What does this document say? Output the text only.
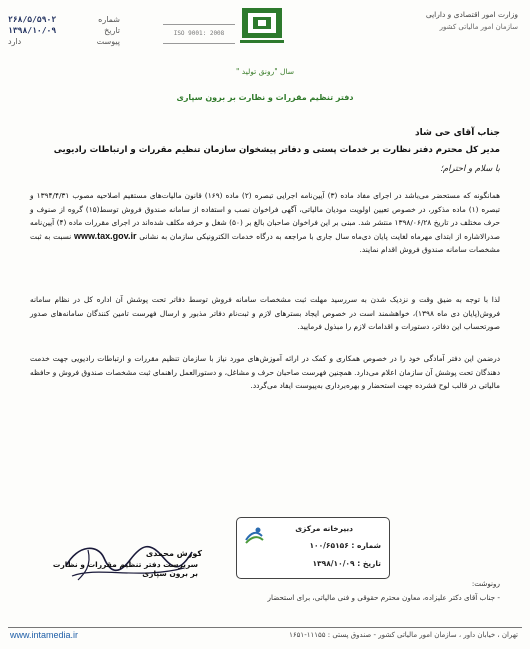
وزارت امور اقتصادی و دارایی
سازمان امور مالیاتی کشور
ISO 9001: 2008
۲۶۸/۵/۵۹۰۲	شماره
۱۳۹۸/۱۰/۰۹	تاریخ
دارد	پیوست
سال "رونق تولید "
دفتر تنظیم مقررات و نظارت بر برون سپاری
جناب آقای حی شاد
مدیر کل محترم دفتر نظارت بر خدمات پستی و دفاتر پیشخوان سازمان تنظیم مقررات و ارتباطات رادیویی
با سلام و احترام؛
همانگونه که مستحضر می‌باشد در اجرای مفاد ماده (۳) آیین‌نامه اجرایی تبصره (۲) ماده (۱۶۹) قانون مالیات‌های مستقیم اصلاحیه مصوب ۱۳۹۴/۴/۳۱ و تبصره (۱) ماده مذکور، در خصوص تعیین اولویت مودیان مالیاتی، آگهی فراخوان نصب و استفاده از سامانه صندوق فروش توسط(۱۵) گروه از صنوف و حرف مختلف در تاریخ ۱۳۹۸/۰۶/۲۸ منتشر شد. مبنی بر این فراخوان صاحبان بالغ بر (۵۰) شغل و حرفه مکلف شده‌اند در اجرای مقررات ماده (۴) آیین‌نامه صدرالاشاره از ابتدای مهرماه لغایت پایان دی‌ماه سال جاری با مراجعه به درگاه خدمات الکترونیکی سازمان به نشانی www.tax.gov.ir نسبت به ثبت مشخصات سامانه صندوق فروش اقدام نمایند.
لذا با توجه به ضیق وقت و نزدیک شدن به سررسید مهلت ثبت مشخصات سامانه فروش توسط دفاتر تحت پوشش آن اداره کل در نظام سامانه فروش(پایان دی ماه ۱۳۹۸)، خواهشمند است در خصوص ایجاد بسترهای لازم و ثبت‌نام دفاتر مذبور و ارسال فهرست تامین کنندگان سامانه‌های صدور صورتحساب این دفاتر، دستورات و اقدامات لازم را مبذول فرمایید.
درضمن این دفتر آمادگی خود را در خصوص همکاری و کمک در ارائه آموزش‌های مورد نیاز با سازمان تنظیم مقررات و ارتباطات رادیویی جهت خدمت دهندگان تحت پوشش آن سازمان اعلام می‌دارد. همچنین فهرست صاحبان حرف و مشاغل، و دستورالعمل راهنمای ثبت مشخصات صندوق فروش و حافظه مالیاتی در قالب لوح فشرده جهت استحضار و بهره‌برداری به‌پیوست ایفاد می‌گردد.
دبیرخانه مرکزی
شماره : ۱۰۰/۶۵۱۵۶
تاریخ : ۱۳۹۸/۱۰/۰۹
کورش محمدی
سرپرست دفتر تنظیم مقررات و نظارت بر برون سپاری
رونوشت:
- جناب آقای دکتر علیزاده، معاون محترم حقوقی و فنی مالیاتی، برای استحضار
تهران ، خیابان داور ، سازمان امور مالیاتی کشور - صندوق پستی : ۱۱۱۵۵-۱۶۵۱
www.intamedia.ir
